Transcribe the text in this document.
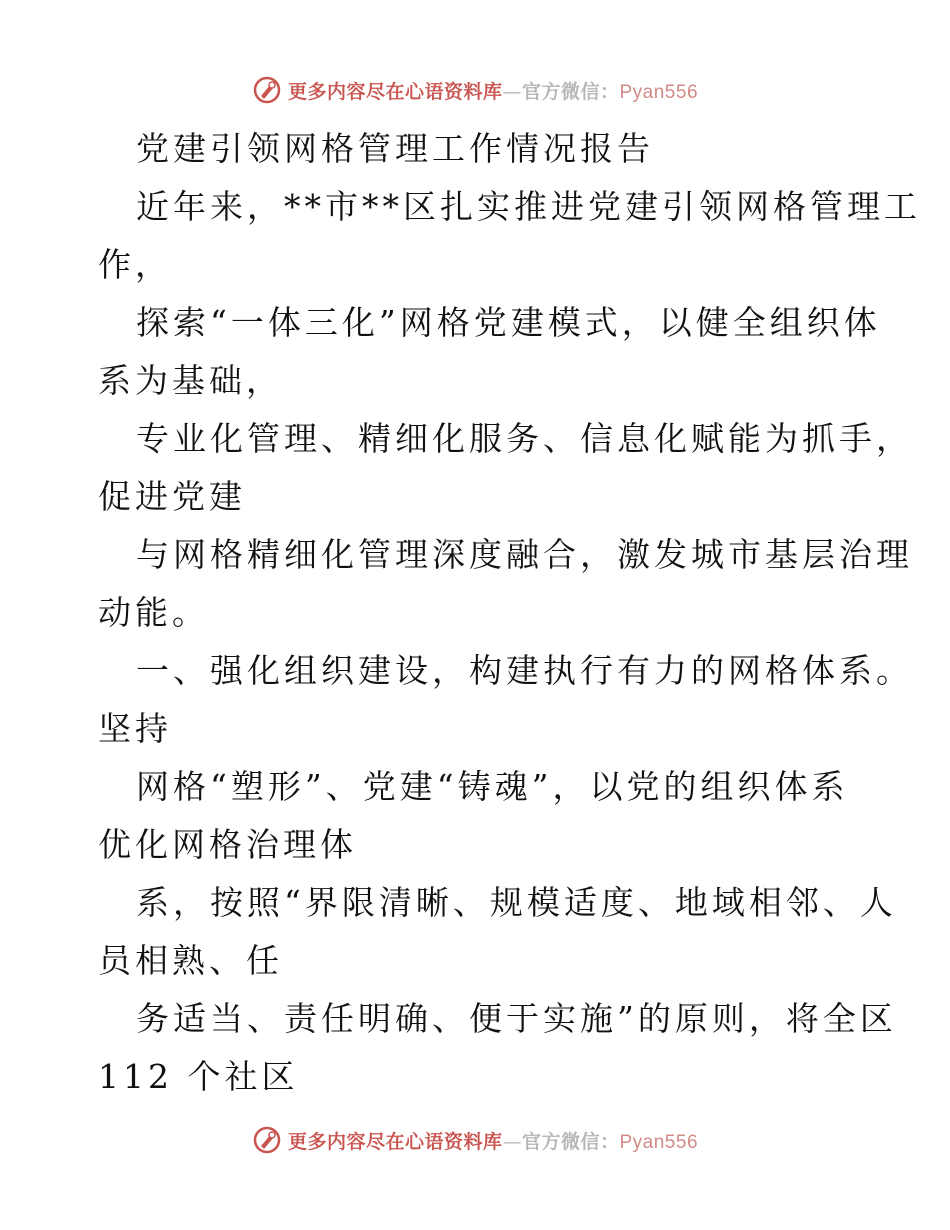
更多内容尽在心语资料库—官方微信：Pyan556
党建引领网格管理工作情况报告
近年来，**市**区扎实推进党建引领网格管理工
作，
探索“一体三化”网格党建模式，以健全组织体
系为基础，
专业化管理、精细化服务、信息化赋能为抓手，
促进党建
与网格精细化管理深度融合，激发城市基层治理
动能。
一、强化组织建设，构建执行有力的网格体系。
坚持
网格“塑形”、党建“铸魂”，以党的组织体系
优化网格治理体
系，按照“界限清晰、规模适度、地域相邻、人
员相熟、任
务适当、责任明确、便于实施”的原则，将全区
112 个社区
更多内容尽在心语资料库—官方微信：Pyan556
